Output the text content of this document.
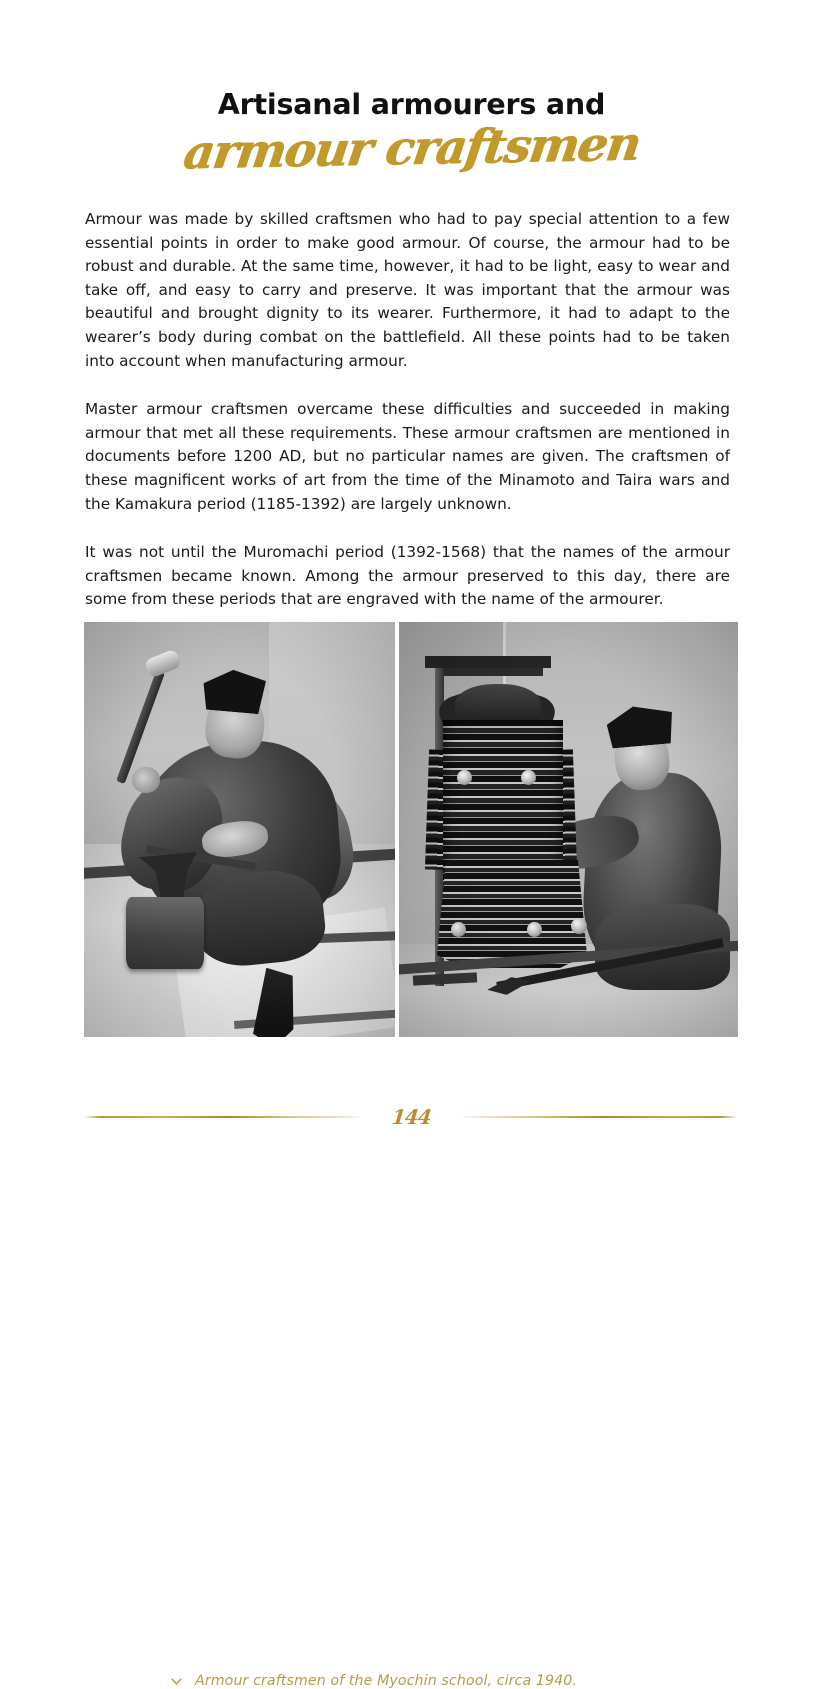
Artisanal armourers and
armour craftsmen

Armour was made by skilled craftsmen who had to pay special attention to a few essential points in order to make good armour. Of course, the armour had to be robust and durable. At the same time, however, it had to be light, easy to wear and take off, and easy to carry and preserve. It was important that the armour was beautiful and brought dignity to its wearer. Furthermore, it had to adapt to the wearer’s body during combat on the battlefield. All these points had to be taken into account when manufacturing armour.

Master armour craftsmen overcame these difficulties and succeeded in making armour that met all these requirements. These armour craftsmen are mentioned in documents before 1200 AD, but no particular names are given. The craftsmen of these magnificent works of art from the time of the Minamoto and Taira wars and the Kamakura period (1185-1392) are largely unknown.

It was not until the Muromachi period (1392-1568) that the names of the armour craftsmen became known. Among the armour preserved to this day, there are some from these periods that are engraved with the name of the armourer.

Armour craftsmen of the Myochin school, circa 1940.
144
